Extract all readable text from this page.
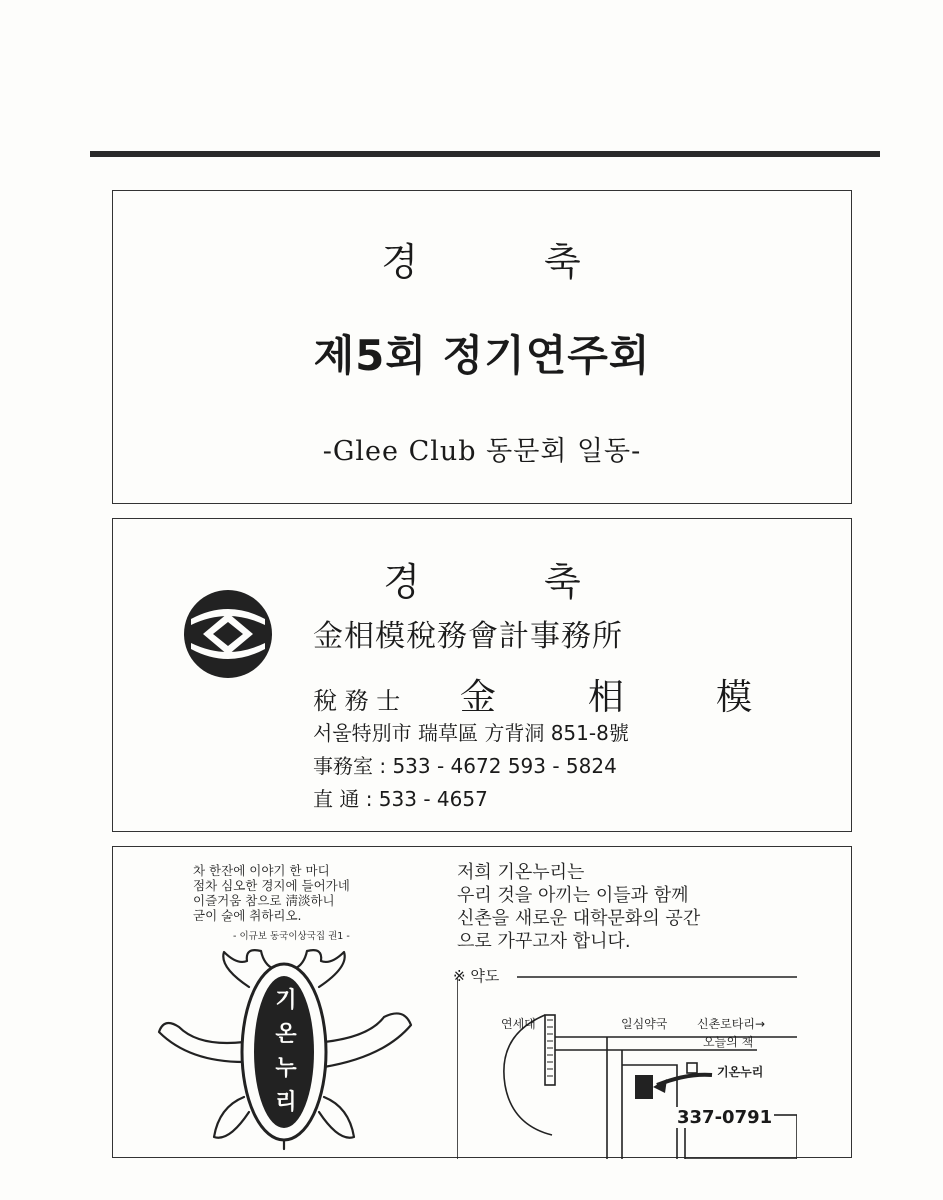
경	축
제5회 정기연주회
-Glee Club 동문회 일동-
경	축
金相模稅務會計事務所
稅 務 士 金	相	模
서울特別市 瑞草區 方背洞 851-8號
事務室 : 533 - 4672 593 - 5824
直 通 : 533 - 4657
차 한잔에 이야기 한 마디
점차 심오한 경지에 들어가네
이즐거움 참으로 淸淡하니
굳이 술에 취하리오.
- 이규보 동국이상국집 권1 -
기
온
누
리
저희 기온누리는
우리 것을 아끼는 이들과 함께
신촌을 새로운 대학문화의 공간
으로 가꾸고자 합니다.
※ 약도
연세대	일심약국 신촌로타리→
오늘의 책
기온누리
337-0791
